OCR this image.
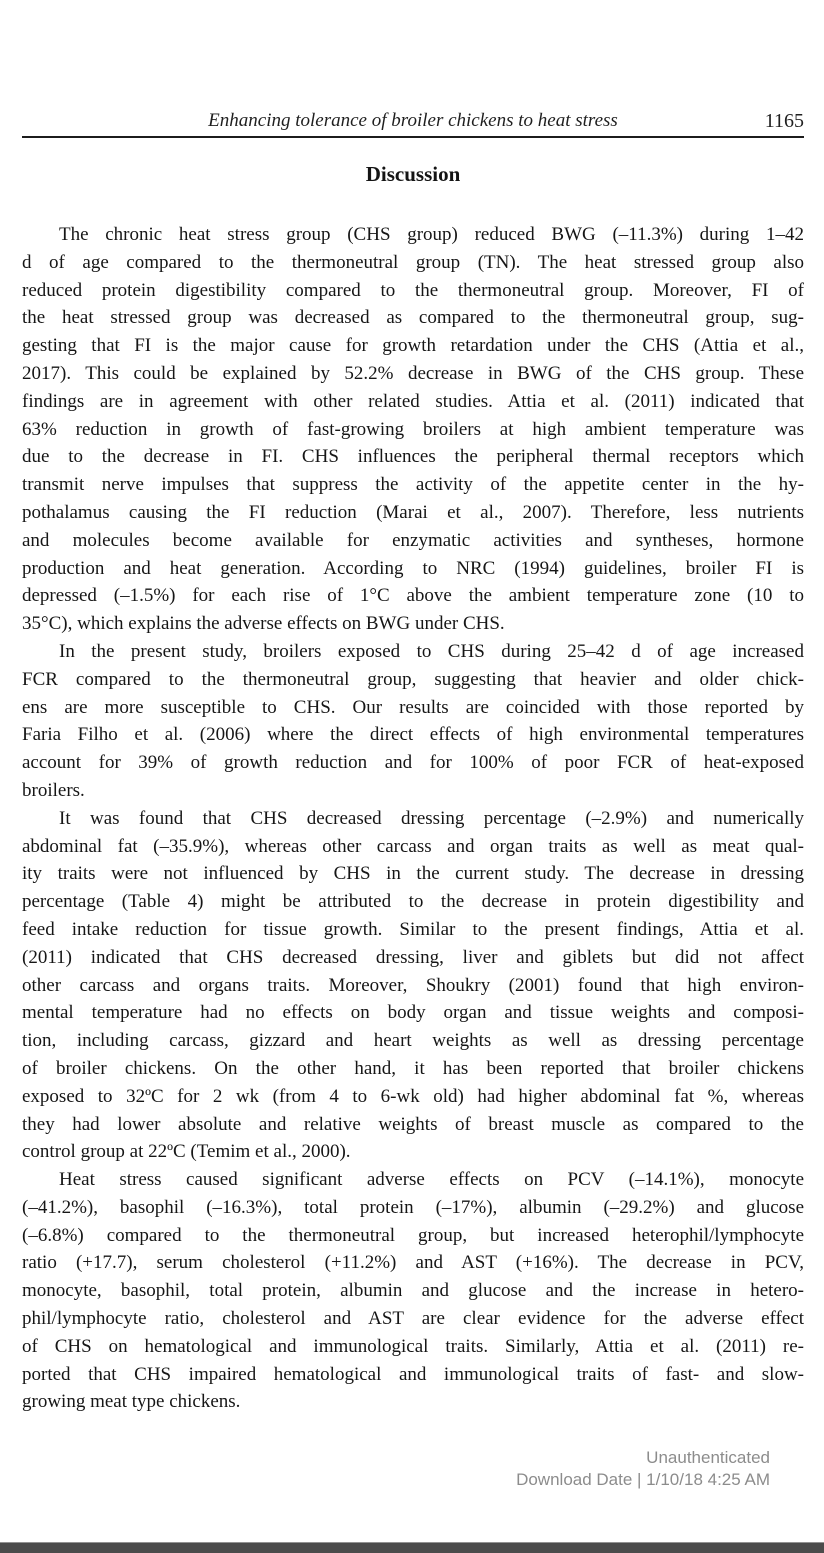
Enhancing tolerance of broiler chickens to heat stress	1165
Discussion
The chronic heat stress group (CHS group) reduced BWG (–11.3%) during 1–42
d of age compared to the thermoneutral group (TN). The heat stressed group also
reduced protein digestibility compared to the thermoneutral group. Moreover, FI of
the heat stressed group was decreased as compared to the thermoneutral group, sug-
gesting that FI is the major cause for growth retardation under the CHS (Attia et al.,
2017). This could be explained by 52.2% decrease in BWG of the CHS group. These
findings are in agreement with other related studies. Attia et al. (2011) indicated that
63% reduction in growth of fast-growing broilers at high ambient temperature was
due to the decrease in FI. CHS influences the peripheral thermal receptors which
transmit nerve impulses that suppress the activity of the appetite center in the hy-
pothalamus causing the FI reduction (Marai et al., 2007). Therefore, less nutrients
and molecules become available for enzymatic activities and syntheses, hormone
production and heat generation. According to NRC (1994) guidelines, broiler FI is
depressed (–1.5%) for each rise of 1°C above the ambient temperature zone (10 to
35°C), which explains the adverse effects on BWG under CHS.
In the present study, broilers exposed to CHS during 25–42 d of age increased
FCR compared to the thermoneutral group, suggesting that heavier and older chick-
ens are more susceptible to CHS. Our results are coincided with those reported by
Faria Filho et al. (2006) where the direct effects of high environmental temperatures
account for 39% of growth reduction and for 100% of poor FCR of heat-exposed
broilers.
It was found that CHS decreased dressing percentage (–2.9%) and numerically
abdominal fat (–35.9%), whereas other carcass and organ traits as well as meat qual-
ity traits were not influenced by CHS in the current study. The decrease in dressing
percentage (Table 4) might be attributed to the decrease in protein digestibility and
feed intake reduction for tissue growth. Similar to the present findings, Attia et al.
(2011) indicated that CHS decreased dressing, liver and giblets but did not affect
other carcass and organs traits. Moreover, Shoukry (2001) found that high environ-
mental temperature had no effects on body organ and tissue weights and composi-
tion, including carcass, gizzard and heart weights as well as dressing percentage
of broiler chickens. On the other hand, it has been reported that broiler chickens
exposed to 32ºC for 2 wk (from 4 to 6-wk old) had higher abdominal fat %, whereas
they had lower absolute and relative weights of breast muscle as compared to the
control group at 22ºC (Temim et al., 2000).
Heat stress caused significant adverse effects on PCV (–14.1%), monocyte
(–41.2%), basophil (–16.3%), total protein (–17%), albumin (–29.2%) and glucose
(–6.8%) compared to the thermoneutral group, but increased heterophil/lymphocyte
ratio (+17.7), serum cholesterol (+11.2%) and AST (+16%). The decrease in PCV,
monocyte, basophil, total protein, albumin and glucose and the increase in hetero-
phil/lymphocyte ratio, cholesterol and AST are clear evidence for the adverse effect
of CHS on hematological and immunological traits. Similarly, Attia et al. (2011) re-
ported that CHS impaired hematological and immunological traits of fast- and slow-
growing meat type chickens.
Unauthenticated
Download Date | 1/10/18 4:25 AM
